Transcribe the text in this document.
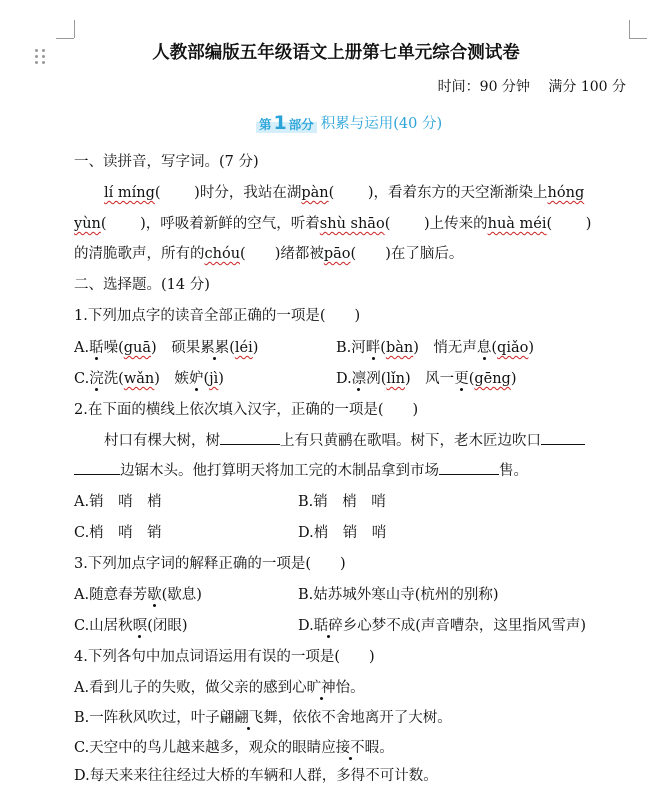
人教部编版五年级语文上册第七单元综合测试卷
时间：90 分钟 满分 100 分
第 1 部分 积累与运用(40 分)
一、读拼音，写字词。(7 分)
lí míng(　　 )时分，我站在湖pàn(　　 )，看着东方的天空渐渐染上hóng
yùn(　　 )，呼吸着新鲜的空气，听着shù shāo(　　 )上传来的huà méi(　　 )
的清脆歌声，所有的chóu(　　)绪都被pāo(　　)在了脑后。
二、选择题。(14 分)
1.下列加点字的读音全部正确的一项是(　　)
A.聒噪(guā)　硕果累累(léi)	B.河畔(bàn)　悄无声息(qiǎo)
C.浣洗(wǎn)　嫉妒(jì)	D.凛冽(lǐn)　风一更(gēng)
2.在下面的横线上依次填入汉字，正确的一项是(　　)
村口有棵大树，树	上有只黄鹂在歌唱。树下，老木匠边吹口
边锯木头。他打算明天将加工完的木制品拿到市场	售。
A.销　哨　梢	B.销　梢　哨
C.梢　哨　销	D.梢　销　哨
3.下列加点字词的解释正确的一项是(　　)
A.随意春芳歇(歇息)	B.姑苏城外寒山寺(杭州的别称)
C.山居秋暝(闭眼)	D.聒碎乡心梦不成(声音嘈杂，这里指风雪声)
4.下列各句中加点词语运用有误的一项是(　　)
A.看到儿子的失败，做父亲的感到心旷神怡。
B.一阵秋风吹过，叶子翩翩飞舞，依依不舍地离开了大树。
C.天空中的鸟儿越来越多，观众的眼睛应接不暇。
D.每天来来往往经过大桥的车辆和人群，多得不可计数。
